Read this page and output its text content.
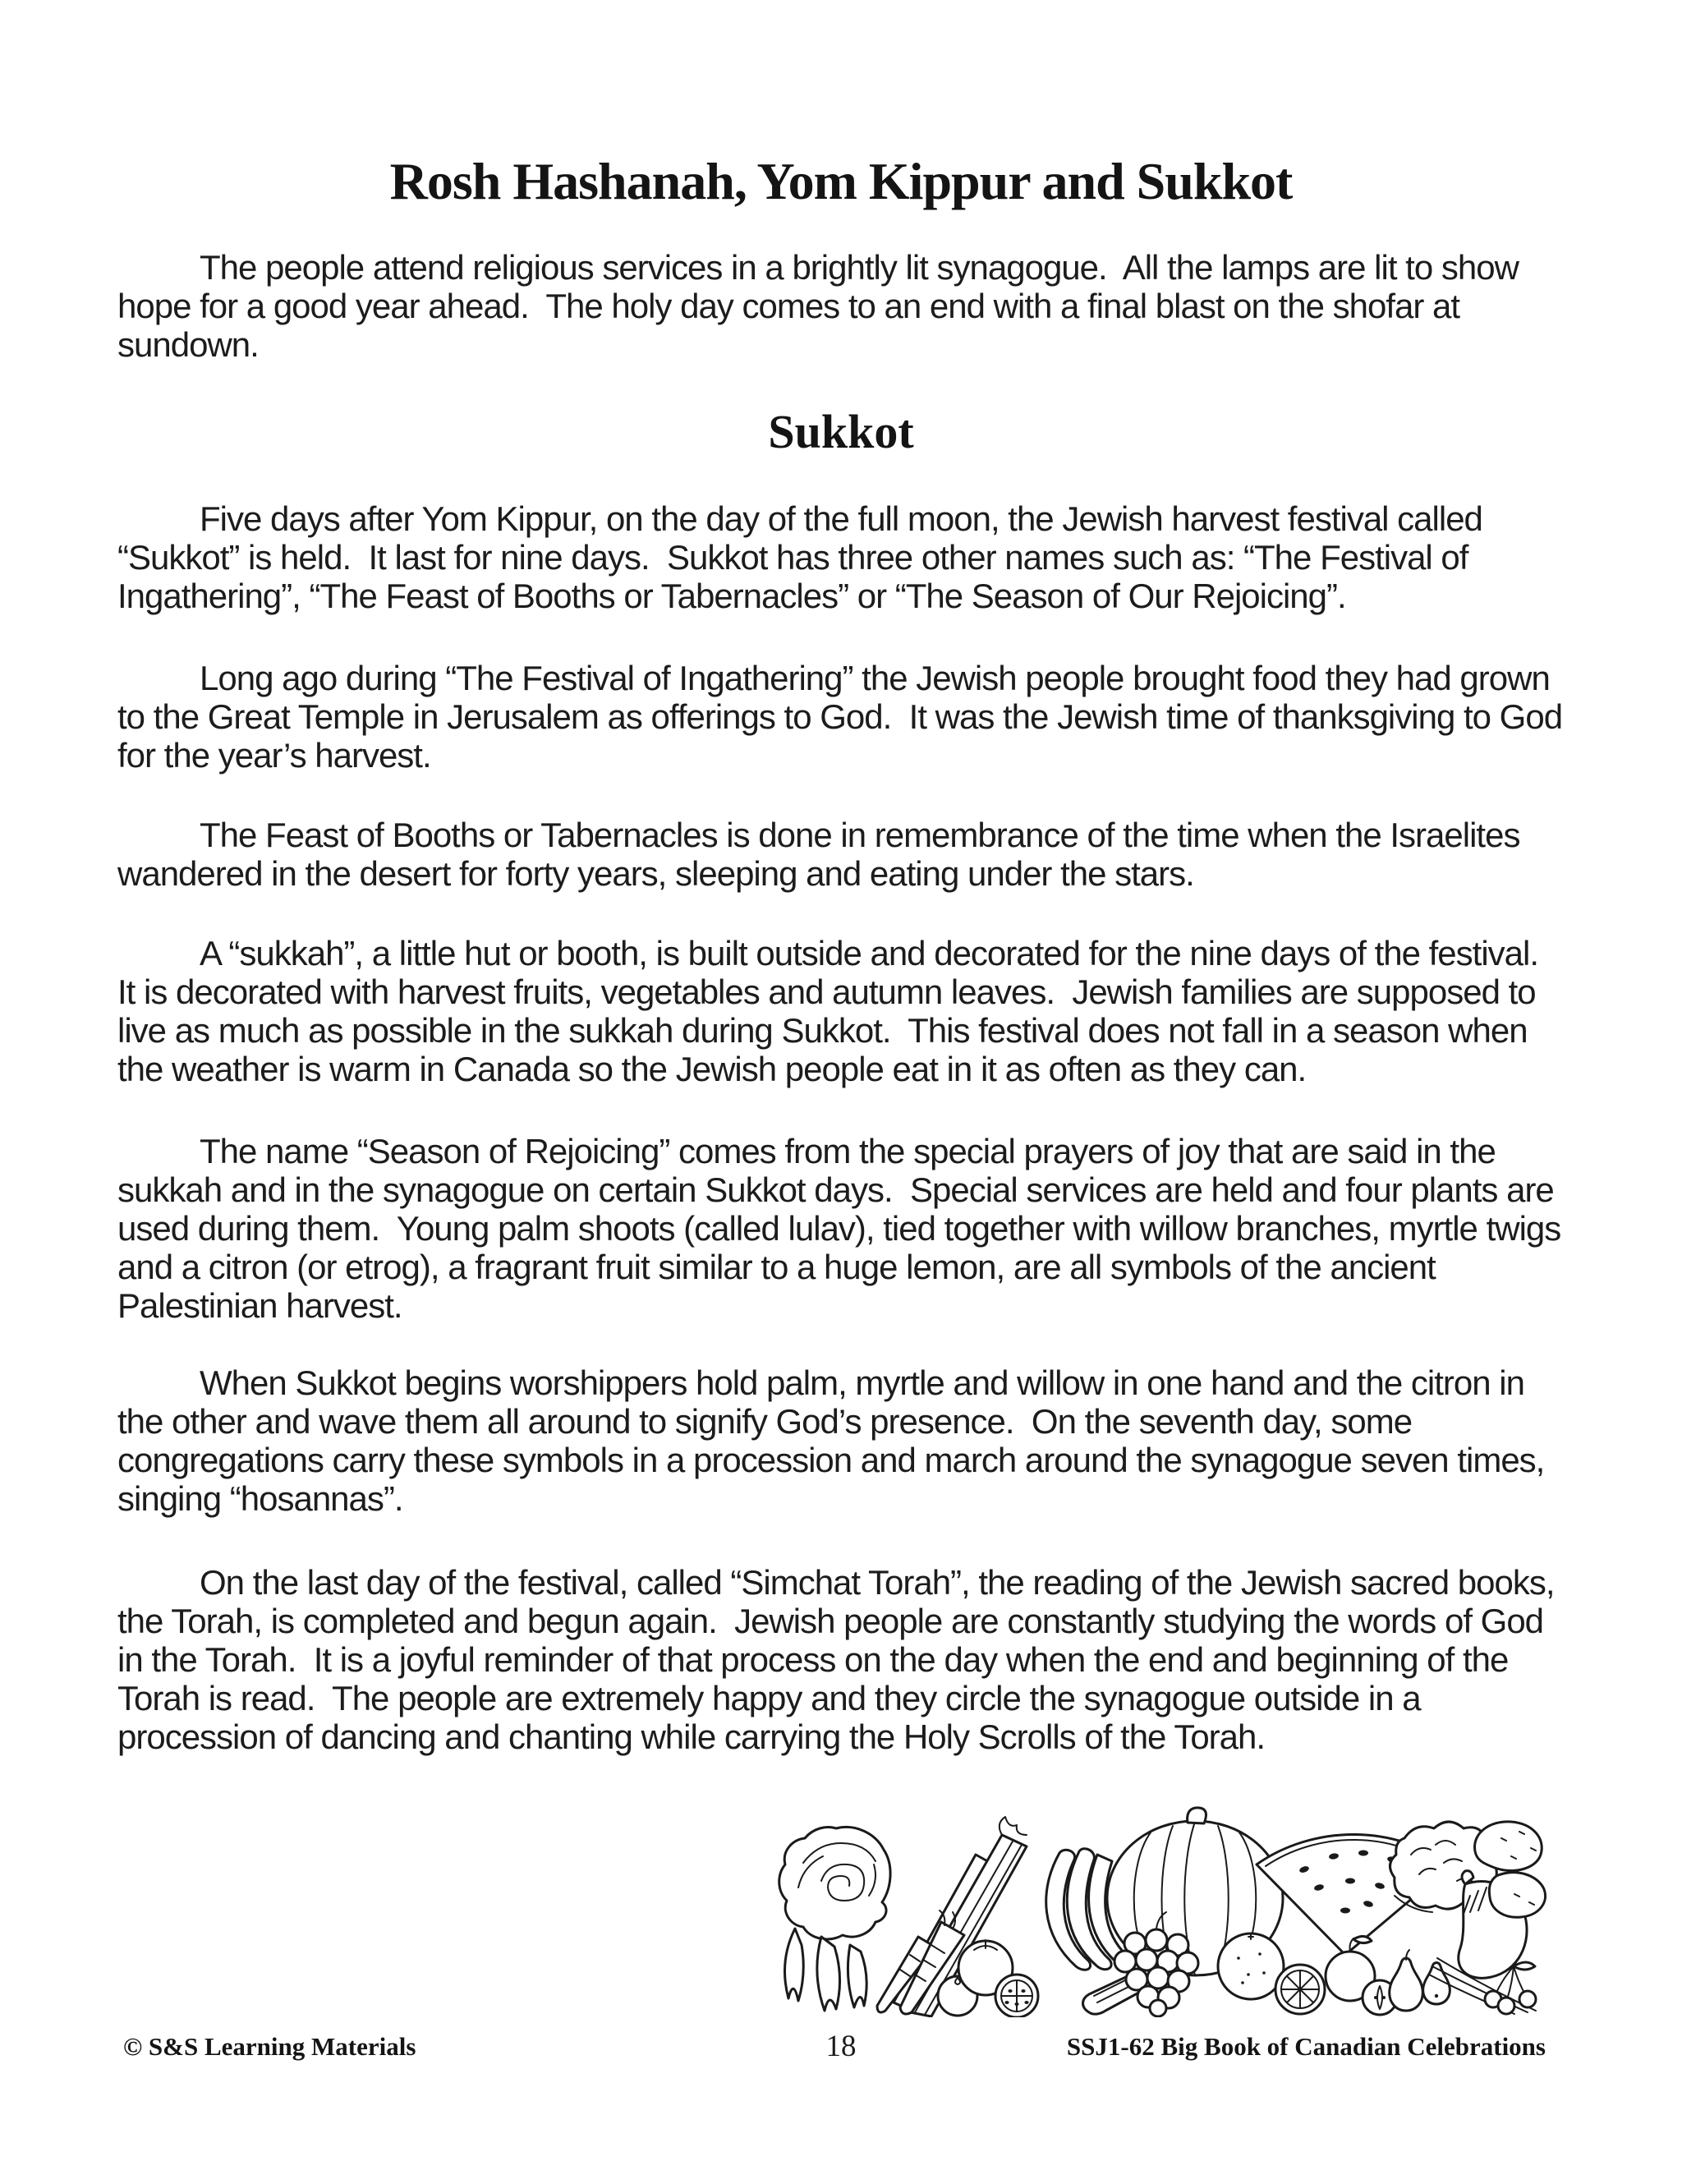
Rosh Hashanah, Yom Kippur and Sukkot

The people attend religious services in a brightly lit synagogue.  All the lamps are lit to show hope for a good year ahead.  The holy day comes to an end with a final blast on the shofar at sundown.

Sukkot

Five days after Yom Kippur, on the day of the full moon, the Jewish harvest festival called “Sukkot” is held.  It last for nine days.  Sukkot has three other names such as: “The Festival of Ingathering”, “The Feast of Booths or Tabernacles” or “The Season of Our Rejoicing”.

Long ago during “The Festival of Ingathering” the Jewish people brought food they had grown to the Great Temple in Jerusalem as offerings to God.  It was the Jewish time of thanksgiving to God for the year’s harvest.

The Feast of Booths or Tabernacles is done in remembrance of the time when the Israelites wandered in the desert for forty years, sleeping and eating under the stars.

A “sukkah”, a little hut or booth, is built outside and decorated for the nine days of the festival.  It is decorated with harvest fruits, vegetables and autumn leaves.  Jewish families are supposed to live as much as possible in the sukkah during Sukkot.  This festival does not fall in a season when the weather is warm in Canada so the Jewish people eat in it as often as they can.

The name “Season of Rejoicing” comes from the special prayers of joy that are said in the sukkah and in the synagogue on certain Sukkot days.  Special services are held and four plants are used during them.  Young palm shoots (called lulav), tied together with willow branches, myrtle twigs and a citron (or etrog), a fragrant fruit similar to a huge lemon, are all symbols of the ancient Palestinian harvest.

When Sukkot begins worshippers hold palm, myrtle and willow in one hand and the citron in the other and wave them all around to signify God’s presence.  On the seventh day, some congregations carry these symbols in a procession and march around the synagogue seven times, singing “hosannas”.

On the last day of the festival, called “Simchat Torah”, the reading of the Jewish sacred books, the Torah, is completed and begun again.  Jewish people are constantly studying the words of God in the Torah.  It is a joyful reminder of that process on the day when the end and beginning of the Torah is read.  The people are extremely happy and they circle the synagogue outside in a procession of dancing and chanting while carrying the Holy Scrolls of the Torah.

© S&S Learning Materials	18	SSJ1-62 Big Book of Canadian Celebrations
